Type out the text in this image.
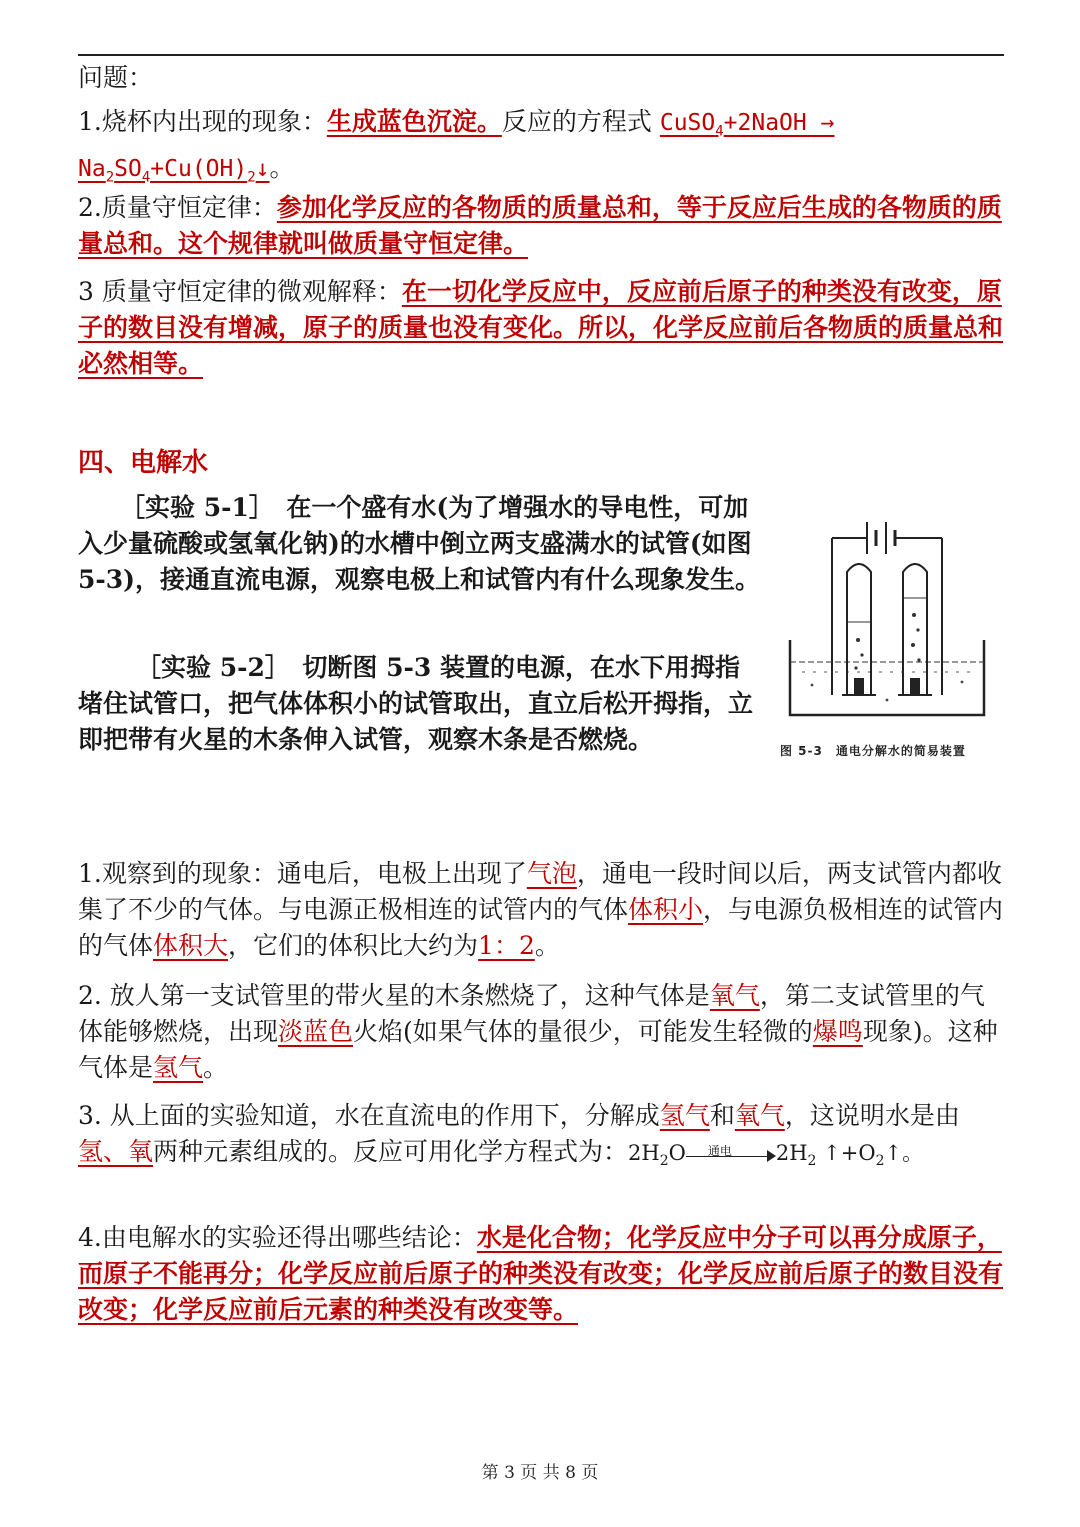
问题：
1.烧杯内出现的现象：生成蓝色沉淀。反应的方程式 CuSO$_4$+2NaOH → $Na_2SO_4+Cu(OH)_2↓$。
2.质量守恒定律：参加化学反应的各物质的质量总和，等于反应后生成的各物质的质量总和。这个规律就叫做质量守恒定律。
3 质量守恒定律的微观解释：在一切化学反应中，反应前后原子的种类没有改变，原子的数目没有增减，原子的质量也没有变化。所以，化学反应前后各物质的质量总和必然相等。
四、电解水
［实验 5-1］　在一个盛有水(为了增强水的导电性，可加入少量硫酸或氢氧化钠)的水槽中倒立两支盛满水的试管(如图 5-3)，接通直流电源，观察电极上和试管内有什么现象发生。
［实验 5-2］　切断图 5-3 装置的电源，在水下用拇指堵住试管口，把气体体积小的试管取出，直立后松开拇指，立即把带有火星的木条伸入试管，观察木条是否燃烧。	图 5-3　通电分解水的简易装置
1.观察到的现象：通电后，电极上出现了气泡，通电一段时间以后，两支试管内都收集了不少的气体。与电源正极相连的试管内的气体体积小，与电源负极相连的试管内的气体体积大，它们的体积比大约为1：2。
2. 放人第一支试管里的带火星的木条燃烧了，这种气体是氧气，第二支试管里的气体能够燃烧，出现淡蓝色火焰(如果气体的量很少，可能发生轻微的爆鸣现象)。这种气体是氢气。
3. 从上面的实验知道，水在直流电的作用下，分解成氢气和氧气，这说明水是由氢、氧两种元素组成的。反应可用化学方程式为：$2H_2O$ 通电 $2H_2$ $↑+O_2↑$。
4.由电解水的实验还得出哪些结论：水是化合物；化学反应中分子可以再分成原子，而原子不能再分；化学反应前后原子的种类没有改变；化学反应前后原子的数目没有改变；化学反应前后元素的种类没有改变等。
第 3 页 共 8 页
